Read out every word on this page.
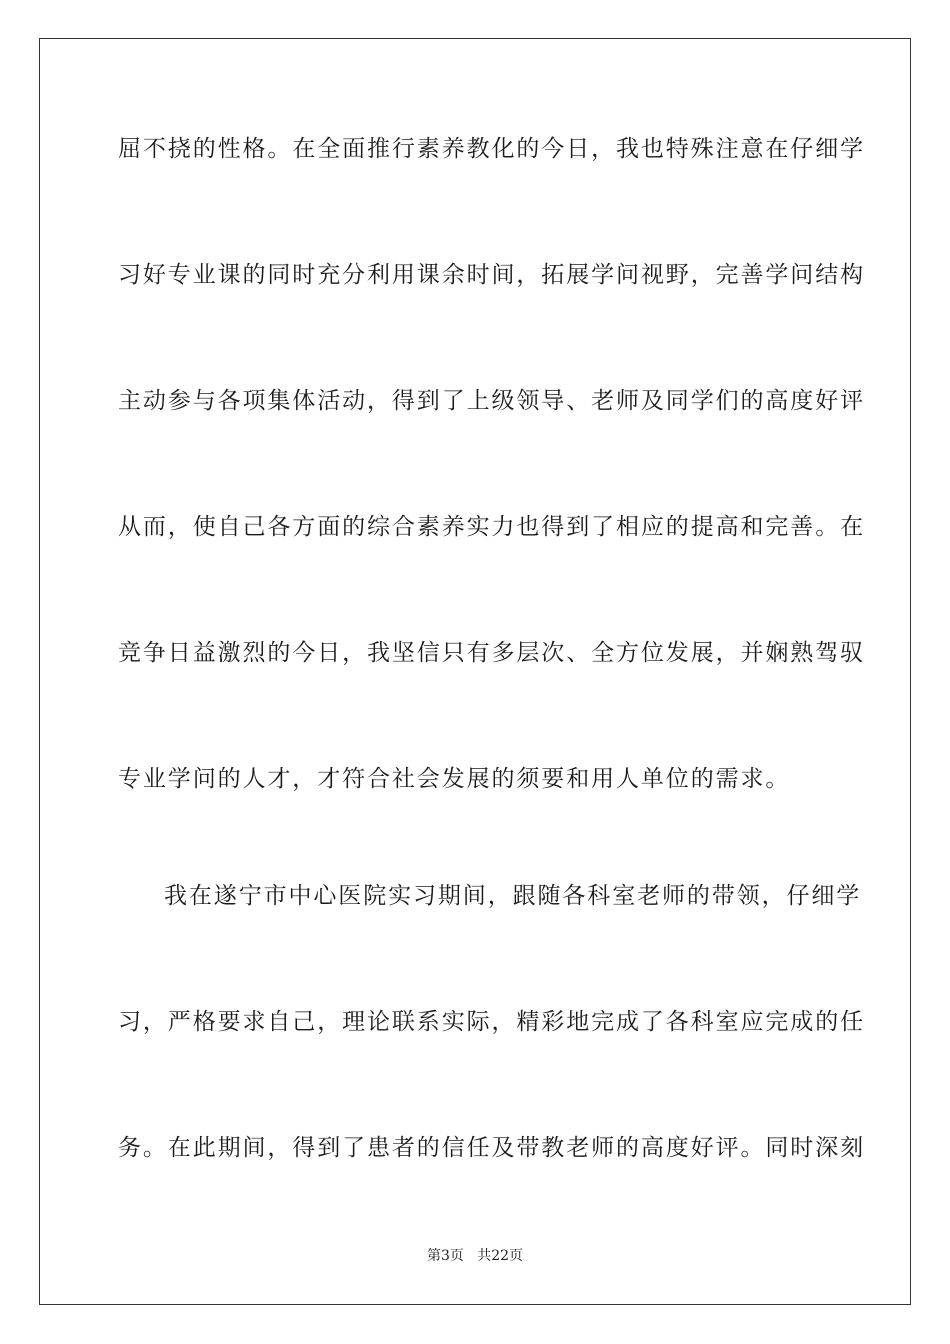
屈不挠的性格。在全面推行素养教化的今日，我也特殊注意在仔细学
习好专业课的同时充分利用课余时间，拓展学问视野，完善学问结构
主动参与各项集体活动，得到了上级领导、老师及同学们的高度好评
从而，使自己各方面的综合素养实力也得到了相应的提高和完善。在
竞争日益激烈的今日，我坚信只有多层次、全方位发展，并娴熟驾驭
专业学问的人才，才符合社会发展的须要和用人单位的需求。
我在遂宁市中心医院实习期间，跟随各科室老师的带领，仔细学
习，严格要求自己，理论联系实际，精彩地完成了各科室应完成的任
务。在此期间，得到了患者的信任及带教老师的高度好评。同时深刻
第3页   共22页
